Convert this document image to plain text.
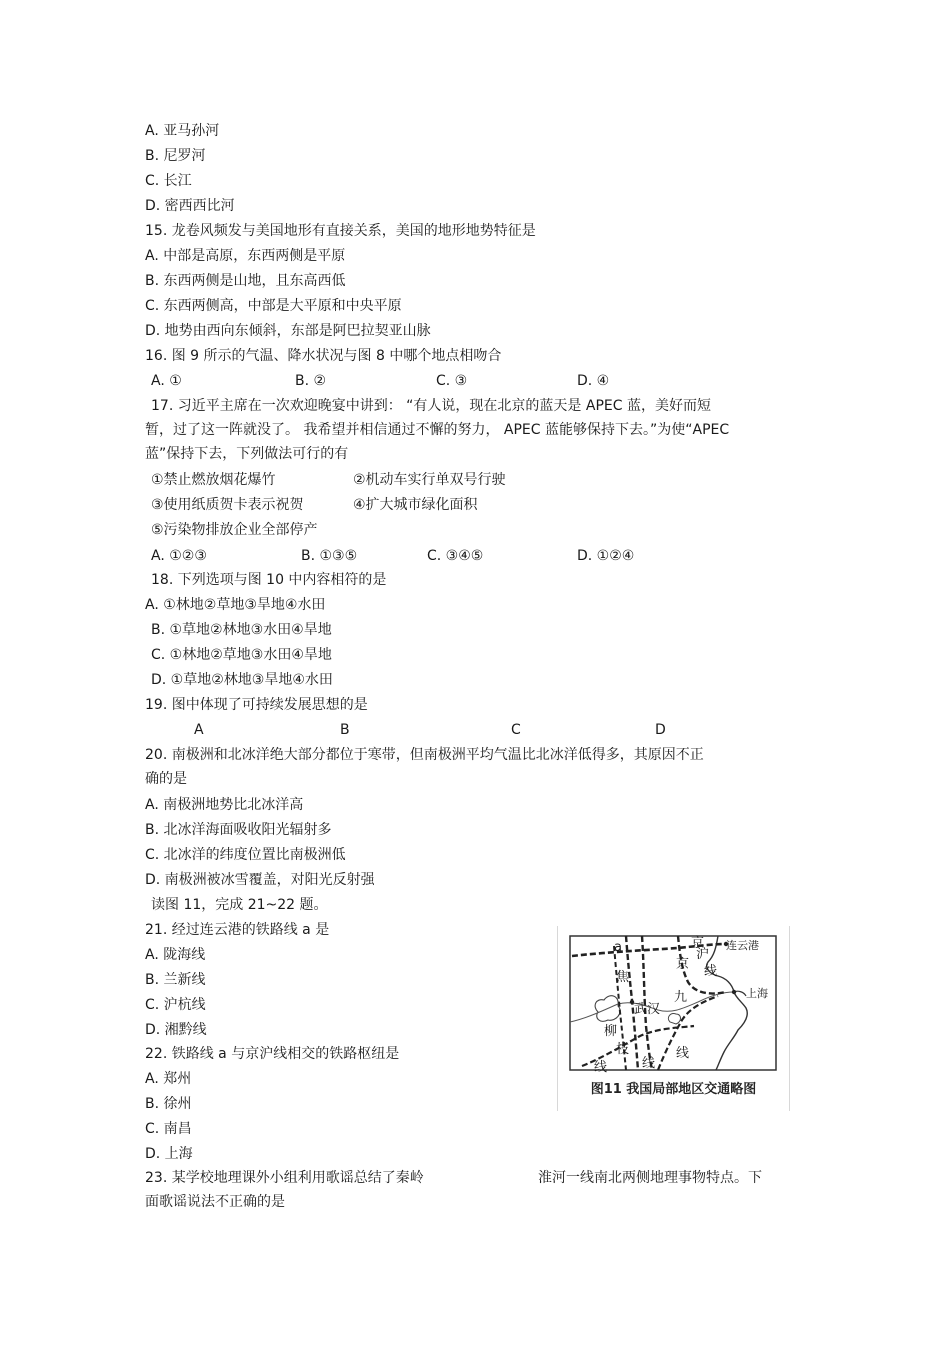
A. 亚马孙河
B. 尼罗河
C. 长江
D. 密西西比河
15. 龙卷风频发与美国地形有直接关系，美国的地形地势特征是
A. 中部是高原，东西两侧是平原
B. 东西两侧是山地，且东高西低
C. 东西两侧高，中部是大平原和中央平原
D. 地势由西向东倾斜，东部是阿巴拉契亚山脉
16. 图 9 所示的气温、降水状况与图 8 中哪个地点相吻合
A. ①	B. ②	C. ③	D. ④
17. 习近平主席在一次欢迎晚宴中讲到： “有人说，现在北京的蓝天是 APEC 蓝，美好而短
暂，过了这一阵就没了。 我希望并相信通过不懈的努力， APEC 蓝能够保持下去。”为使“APEC
蓝”保持下去，下列做法可行的有
①禁止燃放烟花爆竹	②机动车实行单双号行驶
③使用纸质贺卡表示祝贺	④扩大城市绿化面积
⑤污染物排放企业全部停产
A. ①②③	B. ①③⑤	C. ③④⑤	D. ①②④
18. 下列选项与图 10 中内容相符的是
A. ①林地②草地③旱地④水田
B. ①草地②林地③水田④旱地
C. ①林地②草地③水田④旱地
D. ①草地②林地③旱地④水田
19. 图中体现了可持续发展思想的是
A	B	C	D
20. 南极洲和北冰洋绝大部分都位于寒带，但南极洲平均气温比北冰洋低得多，其原因不正
确的是
A. 南极洲地势比北冰洋高
B. 北冰洋海面吸收阳光辐射多
C. 北冰洋的纬度位置比南极洲低
D. 南极洲被冰雪覆盖，对阳光反射强
读图 11，完成 21~22 题。
21. 经过连云港的铁路线 a 是
A. 陇海线
B. 兰新线
C. 沪杭线
D. 湘黔线
22. 铁路线 a 与京沪线相交的铁路枢纽是
A. 郑州
B. 徐州
C. 南昌
D. 上海
23. 某学校地理课外小组利用歌谣总结了秦岭	淮河一线南北两侧地理事物特点。下
面歌谣说法不正确的是
a	京 连云港
京
沪
线
上海
焦
九
武汉
柳
枝
线	线
线
图11 我国局部地区交通略图
